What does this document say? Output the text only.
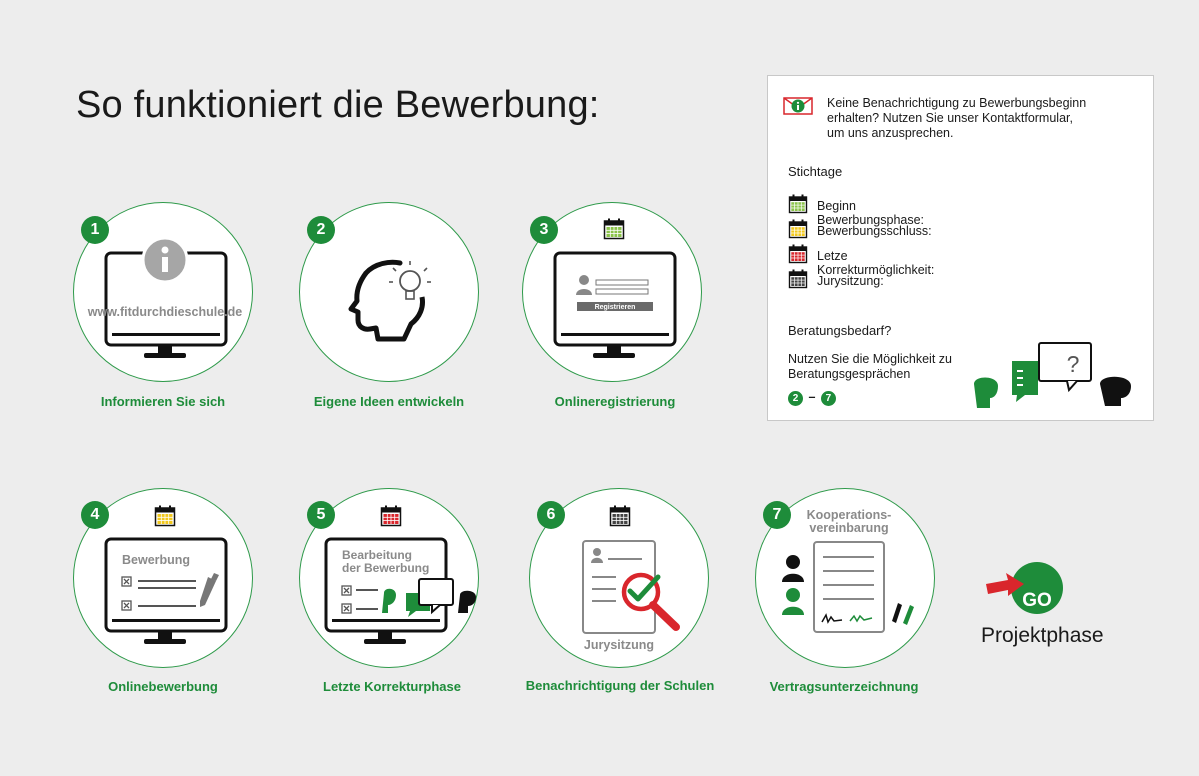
So funktioniert die Bewerbung:
www.fitdurchdieschule.de
1
Informieren Sie sich
2
Eigene Ideen entwickeln
Registrieren
3
Onlineregistrierung
Bewerbung
4
Onlinebewerbung
Bearbeitung
der Bewerbung
5
Letzte Korrekturphase
Jurysitzung
6
Benachrichtigung der Schulen
Kooperations-
vereinbarung
7
Vertragsunterzeichnung
GO
Projektphase
Keine Benachrichtigung zu Bewerbungsbeginn
erhalten? Nutzen Sie unser Kontaktformular,
um uns anzusprechen.
Stichtage
Beginn Bewerbungsphase:
Bewerbungsschluss:
Letze Korrekturmöglichkeit:
Jurysitzung:
Beratungsbedarf?
Nutzen Sie die Möglichkeit zu
Beratungsgesprächen
2 – 7
?
